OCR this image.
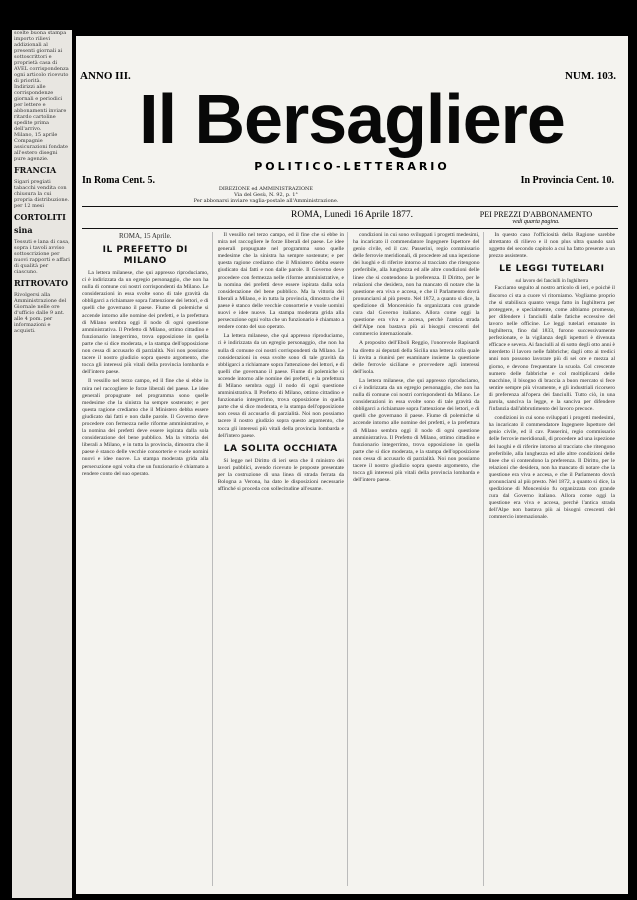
scelte buona stampa importo rilievi addizionali al presenti giornali ai sottoscrittori e proprietà casa di AVEL corrispondenza ogni articolo ricevuto di priorità.
Indirizzi alle corrispondenze giornali e periodici per lettere e abbonamenti inviare ritardo cartoline spedite prima dell'arrivo.
Milano, 15 aprile
Compagnie assicurazioni fondate all'estero disegni pure agenzie.
FRANCIA
Sigari pregiati tabacchi vendita con chiusura la cui propria distribuzione.
per 12 mesi
CORTOLITI
sina
Tessuti e lana di casa, sopra i tavoli avviso sottoscrizione per nuovi rapporti e affari di qualità per ciascuno.
RITROVATO
Rivolgersi alla Amministrazione del Giornale nelle ore d'ufficio dalle 9 ant. alle 4 pom. per informazioni e acquisti.
ANNO III.	NUM. 103.
Il Bersagliere
POLITICO-LETTERARIO
In Roma Cent. 5.	In Provincia Cent. 10.
DIREZIONE ed AMMINISTRAZIONE
Via del Gesù, N. 92, p. 1°
Per abbonarsi inviare vaglia-postale all'Amministrazione.
ROMA, Lunedì 16 Aprile 1877.	PEI PREZZI D'ABBONAMENTO
vedi quarta pagina.
ROMA, 15 Aprile.
IL PREFETTO DI MILANO

La lettera milanese, che qui appresso riproduciamo, ci è indirizzata da un egregio personaggio, che non ha nulla di comune coi nostri corrispondenti da Milano. Le considerazioni in essa svolte sono di tale gravità da obbligarci a richiamare sopra l'attenzione dei lettori, e di quelli che governano il paese. Fiume di polemiche si accende intorno alle nomine dei prefetti, e la prefettura di Milano sembra oggi il nodo di ogni questione amministrativa. Il Prefetto di Milano, ottimo cittadino e funzionario integerrimo, trova opposizione in quella parte che si dice moderata, e la stampa dell'opposizione non cessa di accusarlo di parzialità. Noi non possiamo tacere il nostro giudizio sopra questo argomento, che tocca gli interessi più vitali della provincia lombarda e dell'intero paese.

Il vessillo nel terzo campo, ed il fine che si ebbe in mira nel raccogliere le forze liberali del paese. Le idee generali propugnate nel programma sono quelle medesime che la sinistra ha sempre sostenute; e per questa ragione crediamo che il Ministero debba essere giudicato dai fatti e non dalle parole. Il Governo deve procedere con fermezza nelle riforme amministrative, e la nomina dei prefetti deve essere ispirata dalla sola considerazione del bene pubblico. Ma la vittoria dei liberali a Milano, e in tutta la provincia, dimostra che il paese è stanco delle vecchie consorterie e vuole uomini nuovi e idee nuove. La stampa moderata grida alla persecuzione ogni volta che un funzionario è chiamato a rendere conto del suo operato.

Il vessillo nel terzo campo, ed il fine che si ebbe in mira nel raccogliere le forze liberali del paese. Le idee generali propugnate nel programma sono quelle medesime che la sinistra ha sempre sostenute; e per questa ragione crediamo che il Ministero debba essere giudicato dai fatti e non dalle parole. Il Governo deve procedere con fermezza nelle riforme amministrative, e la nomina dei prefetti deve essere ispirata dalla sola considerazione del bene pubblico. Ma la vittoria dei liberali a Milano, e in tutta la provincia, dimostra che il paese è stanco delle vecchie consorterie e vuole uomini nuovi e idee nuove. La stampa moderata grida alla persecuzione ogni volta che un funzionario è chiamato a rendere conto del suo operato.

La lettera milanese, che qui appresso riproduciamo, ci è indirizzata da un egregio personaggio, che non ha nulla di comune coi nostri corrispondenti da Milano. Le considerazioni in essa svolte sono di tale gravità da obbligarci a richiamare sopra l'attenzione dei lettori, e di quelli che governano il paese. Fiume di polemiche si accende intorno alle nomine dei prefetti, e la prefettura di Milano sembra oggi il nodo di ogni questione amministrativa. Il Prefetto di Milano, ottimo cittadino e funzionario integerrimo, trova opposizione in quella parte che si dice moderata, e la stampa dell'opposizione non cessa di accusarlo di parzialità. Noi non possiamo tacere il nostro giudizio sopra questo argomento, che tocca gli interessi più vitali della provincia lombarda e dell'intero paese.

LA SOLITA OCCHIATA

Si legge nel Diritto di ieri sera che il ministro dei lavori pubblici, avendo ricevuto le proposte presentate per la costruzione di una linea di strada ferrata da Bologna a Verona, ha dato le disposizioni necessarie affinché si proceda con sollecitudine all'esame.

condizioni in cui sono sviluppati i progetti medesimi, ha incaricato il commendatore Ingegnere Ispettore del genio civile, ed il cav. Passerini, regio commissario delle ferrovie meridionali, di procedere ad una ispezione dei luoghi e di riferire intorno al tracciato che ritengono preferibile, alla lunghezza ed alle altre condizioni delle linee che si contendono la preferenza. Il Diritto, per le relazioni che desidera, non ha mancato di notare che la questione era viva e accesa, e che il Parlamento dovrà pronunciarsi al più presto. Nel 1872, a quanto si dice, la spedizione di Moncenisio fu organizzata con grande cura dal Governo italiano. Allora come oggi la questione era viva e accesa, perchè l'antica strada dell'Alpe non bastava più ai bisogni crescenti del commercio internazionale.

A proposito dell'Ebolì Reggio, l'onorevole Rapisardi ha diretto ai deputati della Sicilia una lettera colla quale li invita a riunirsi per esaminare insieme la questione delle ferrovie siciliane e provvedere agli interessi dell'isola.

La lettera milanese, che qui appresso riproduciamo, ci è indirizzata da un egregio personaggio, che non ha nulla di comune coi nostri corrispondenti da Milano. Le considerazioni in essa svolte sono di tale gravità da obbligarci a richiamare sopra l'attenzione dei lettori, e di quelli che governano il paese. Fiume di polemiche si accende intorno alle nomine dei prefetti, e la prefettura di Milano sembra oggi il nodo di ogni questione amministrativa. Il Prefetto di Milano, ottimo cittadino e funzionario integerrimo, trova opposizione in quella parte che si dice moderata, e la stampa dell'opposizione non cessa di accusarlo di parzialità. Noi non possiamo tacere il nostro giudizio sopra questo argomento, che tocca gli interessi più vitali della provincia lombarda e dell'intero paese.

In questo caso l'officiosità della Ragione sarebbe altrettanto di rilievo e il non plus ultra quando sarà oggetto del secondo capitolo a cui ha fatto presente a un prezzo assistente.

LE LEGGI TUTELARI
sul lavoro dei fanciulli in Inghilterra

Facciamo seguito al nostro articolo di ieri, e poichè il discorso ci sta a cuore vi ritorniamo. Vogliamo proprio che si stabilisca quanto venga fatto in Inghilterra per proteggere, e specialmente, come abbiamo promesso, per difendere i fanciulli dalle fatiche eccessive del lavoro nelle officine. Le leggi tutelari emanate in Inghilterra, fino dal 1833, furono successivamente perfezionate, e la vigilanza degli ispettori è divenuta efficace e severa. Ai fanciulli al di sotto degli otto anni è interdetto il lavoro nelle fabbriche; dagli otto ai tredici anni non possono lavorare più di sei ore e mezza al giorno, e devono frequentare la scuola. Col crescente numero delle fabbriche e col moltiplicarsi delle macchine, il bisogno di braccia a buon mercato si fece sentire sempre più vivamente, e gli industriali ricorsero di preferenza all'opera dei fanciulli. Tutto ciò, in una parola, sanciva la legge, e la sanciva per difendere l'infanzia dall'abbrutimento del lavoro precoce.

condizioni in cui sono sviluppati i progetti medesimi, ha incaricato il commendatore Ingegnere Ispettore del genio civile, ed il cav. Passerini, regio commissario delle ferrovie meridionali, di procedere ad una ispezione dei luoghi e di riferire intorno al tracciato che ritengono preferibile, alla lunghezza ed alle altre condizioni delle linee che si contendono la preferenza. Il Diritto, per le relazioni che desidera, non ha mancato di notare che la questione era viva e accesa, e che il Parlamento dovrà pronunciarsi al più presto. Nel 1872, a quanto si dice, la spedizione di Moncenisio fu organizzata con grande cura dal Governo italiano. Allora come oggi la questione era viva e accesa, perchè l'antica strada dell'Alpe non bastava più ai bisogni crescenti del commercio internazionale.
